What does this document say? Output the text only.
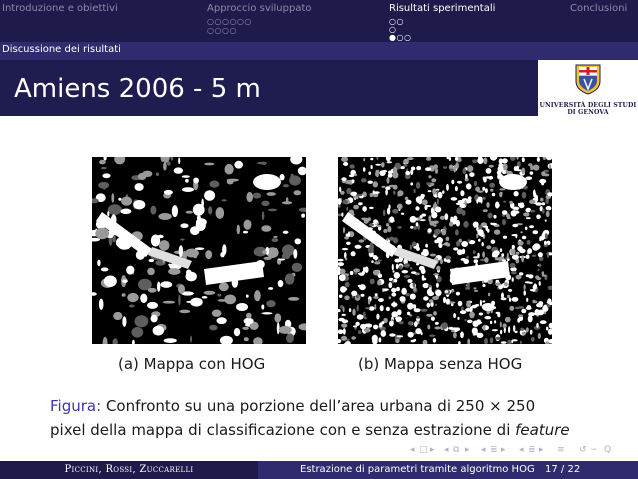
Introduzione e obiettivi	Approccio sviluppato
○○○○○○
○○○○
Risultati sperimentali
○○
○
●○○
Conclusioni
Discussione dei risultati
Amiens 2006 - 5 m
UNIVERSITÀ DEGLI STUDI
DI GENOVA
(a) Mappa con HOG	(b) Mappa senza HOG
Figura: Confronto su una porzione dell’area urbana di 250 × 250
pixel della mappa di classificazione con e senza estrazione di feature
◂ □ ▸ ◂ ⧉ ▸ ◂ ≣ ▸ ◂ ≣ ▸ ≡ ↺ ∽ Q
Piccini, Rossi, Zuccarelli	Estrazione di parametri tramite algoritmo HOG 17 / 22
